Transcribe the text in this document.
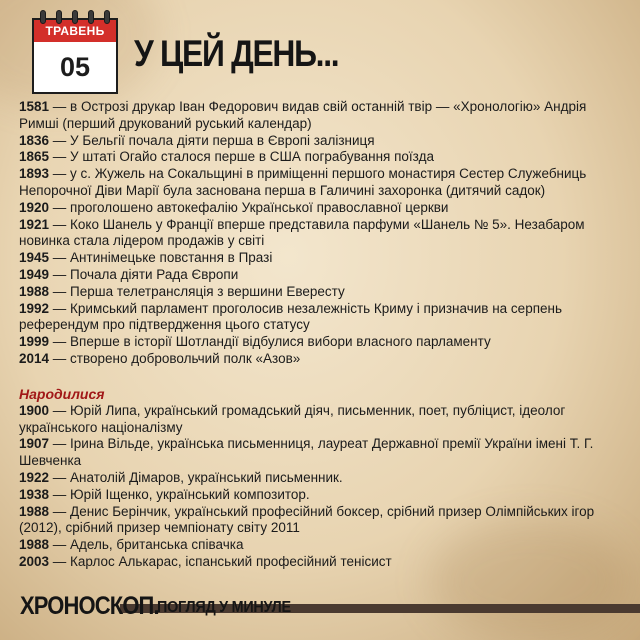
ТРАВЕНЬ
05	У ЦЕЙ ДЕНЬ...

1581 — в Острозі друкар Іван Федорович видав свій останній твір — «Хронологію» Андрія Римші (перший друкований руський календар)

1836 — У Бельгії почала діяти перша в Європі залізниця

1865 — У штаті Огайо сталося перше в США пограбування поїзда

1893 — у с. Жужель на Сокальщині в приміщенні першого монастиря Сестер Служебниць Непорочної Діви Марії була заснована перша в Галичині захоронка (дитячий садок)

1920 — проголошено автокефалію Української православної церкви

1921 — Коко Шанель у Франції вперше представила парфуми «Шанель № 5». Незабаром новинка стала лідером продажів у світі

1945 — Антинімецьке повстання в Празі

1949 — Почала діяти Рада Європи

1988 — Перша телетрансляція з вершини Евересту

1992 — Кримський парламент проголосив незалежність Криму і призначив на серпень референдум про підтвердження цього статусу

1999 — Вперше в історії Шотландії відбулися вибори власного парламенту

2014 — створено добровольчий полк «Азов»

Народилися

1900 — Юрій Липа, український громадський діяч, письменник, поет, публіцист, ідеолог українського націоналізму

1907 — Ірина Вільде, українська письменниця, лауреат Державної премії України імені Т. Г. Шевченка

1922 — Анатолій Дімаров, український письменник.

1938 — Юрій Іщенко, український композитор.

1988 — Денис Берінчик, український професійний боксер, срібний призер Олімпійських ігор (2012), срібний призер чемпіонату світу 2011

1988 — Адель, британська співачка

2003 — Карлос Алькарас, іспанський професійний тенісист

ХРОНОСКОП.
ПОГЛЯД У МИНУЛЕ
